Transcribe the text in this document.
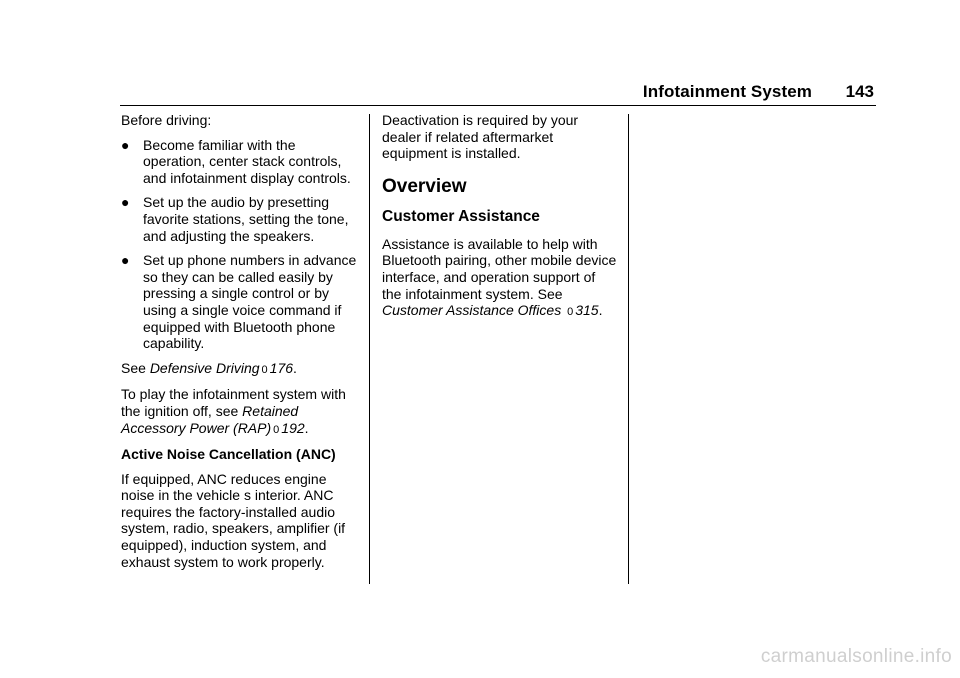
Infotainment System 143

Before driving:

● Become familiar with the operation, center stack controls, and infotainment display controls.
● Set up the audio by presetting favorite stations, setting the tone, and adjusting the speakers.
● Set up phone numbers in advance so they can be called easily by pressing a single control or by using a single voice command if equipped with Bluetooth phone capability.

See Defensive Driving 0 176.

To play the infotainment system with the ignition off, see Retained Accessory Power (RAP) 0 192.

Active Noise Cancellation (ANC)

If equipped, ANC reduces engine noise in the vehicle s interior. ANC requires the factory-installed audio system, radio, speakers, amplifier (if equipped), induction system, and exhaust system to work properly.

Deactivation is required by your dealer if related aftermarket equipment is installed.

Overview
Customer Assistance

Assistance is available to help with Bluetooth pairing, other mobile device interface, and operation support of the infotainment system. See Customer Assistance Offices 0 315.

carmanualsonline.info
